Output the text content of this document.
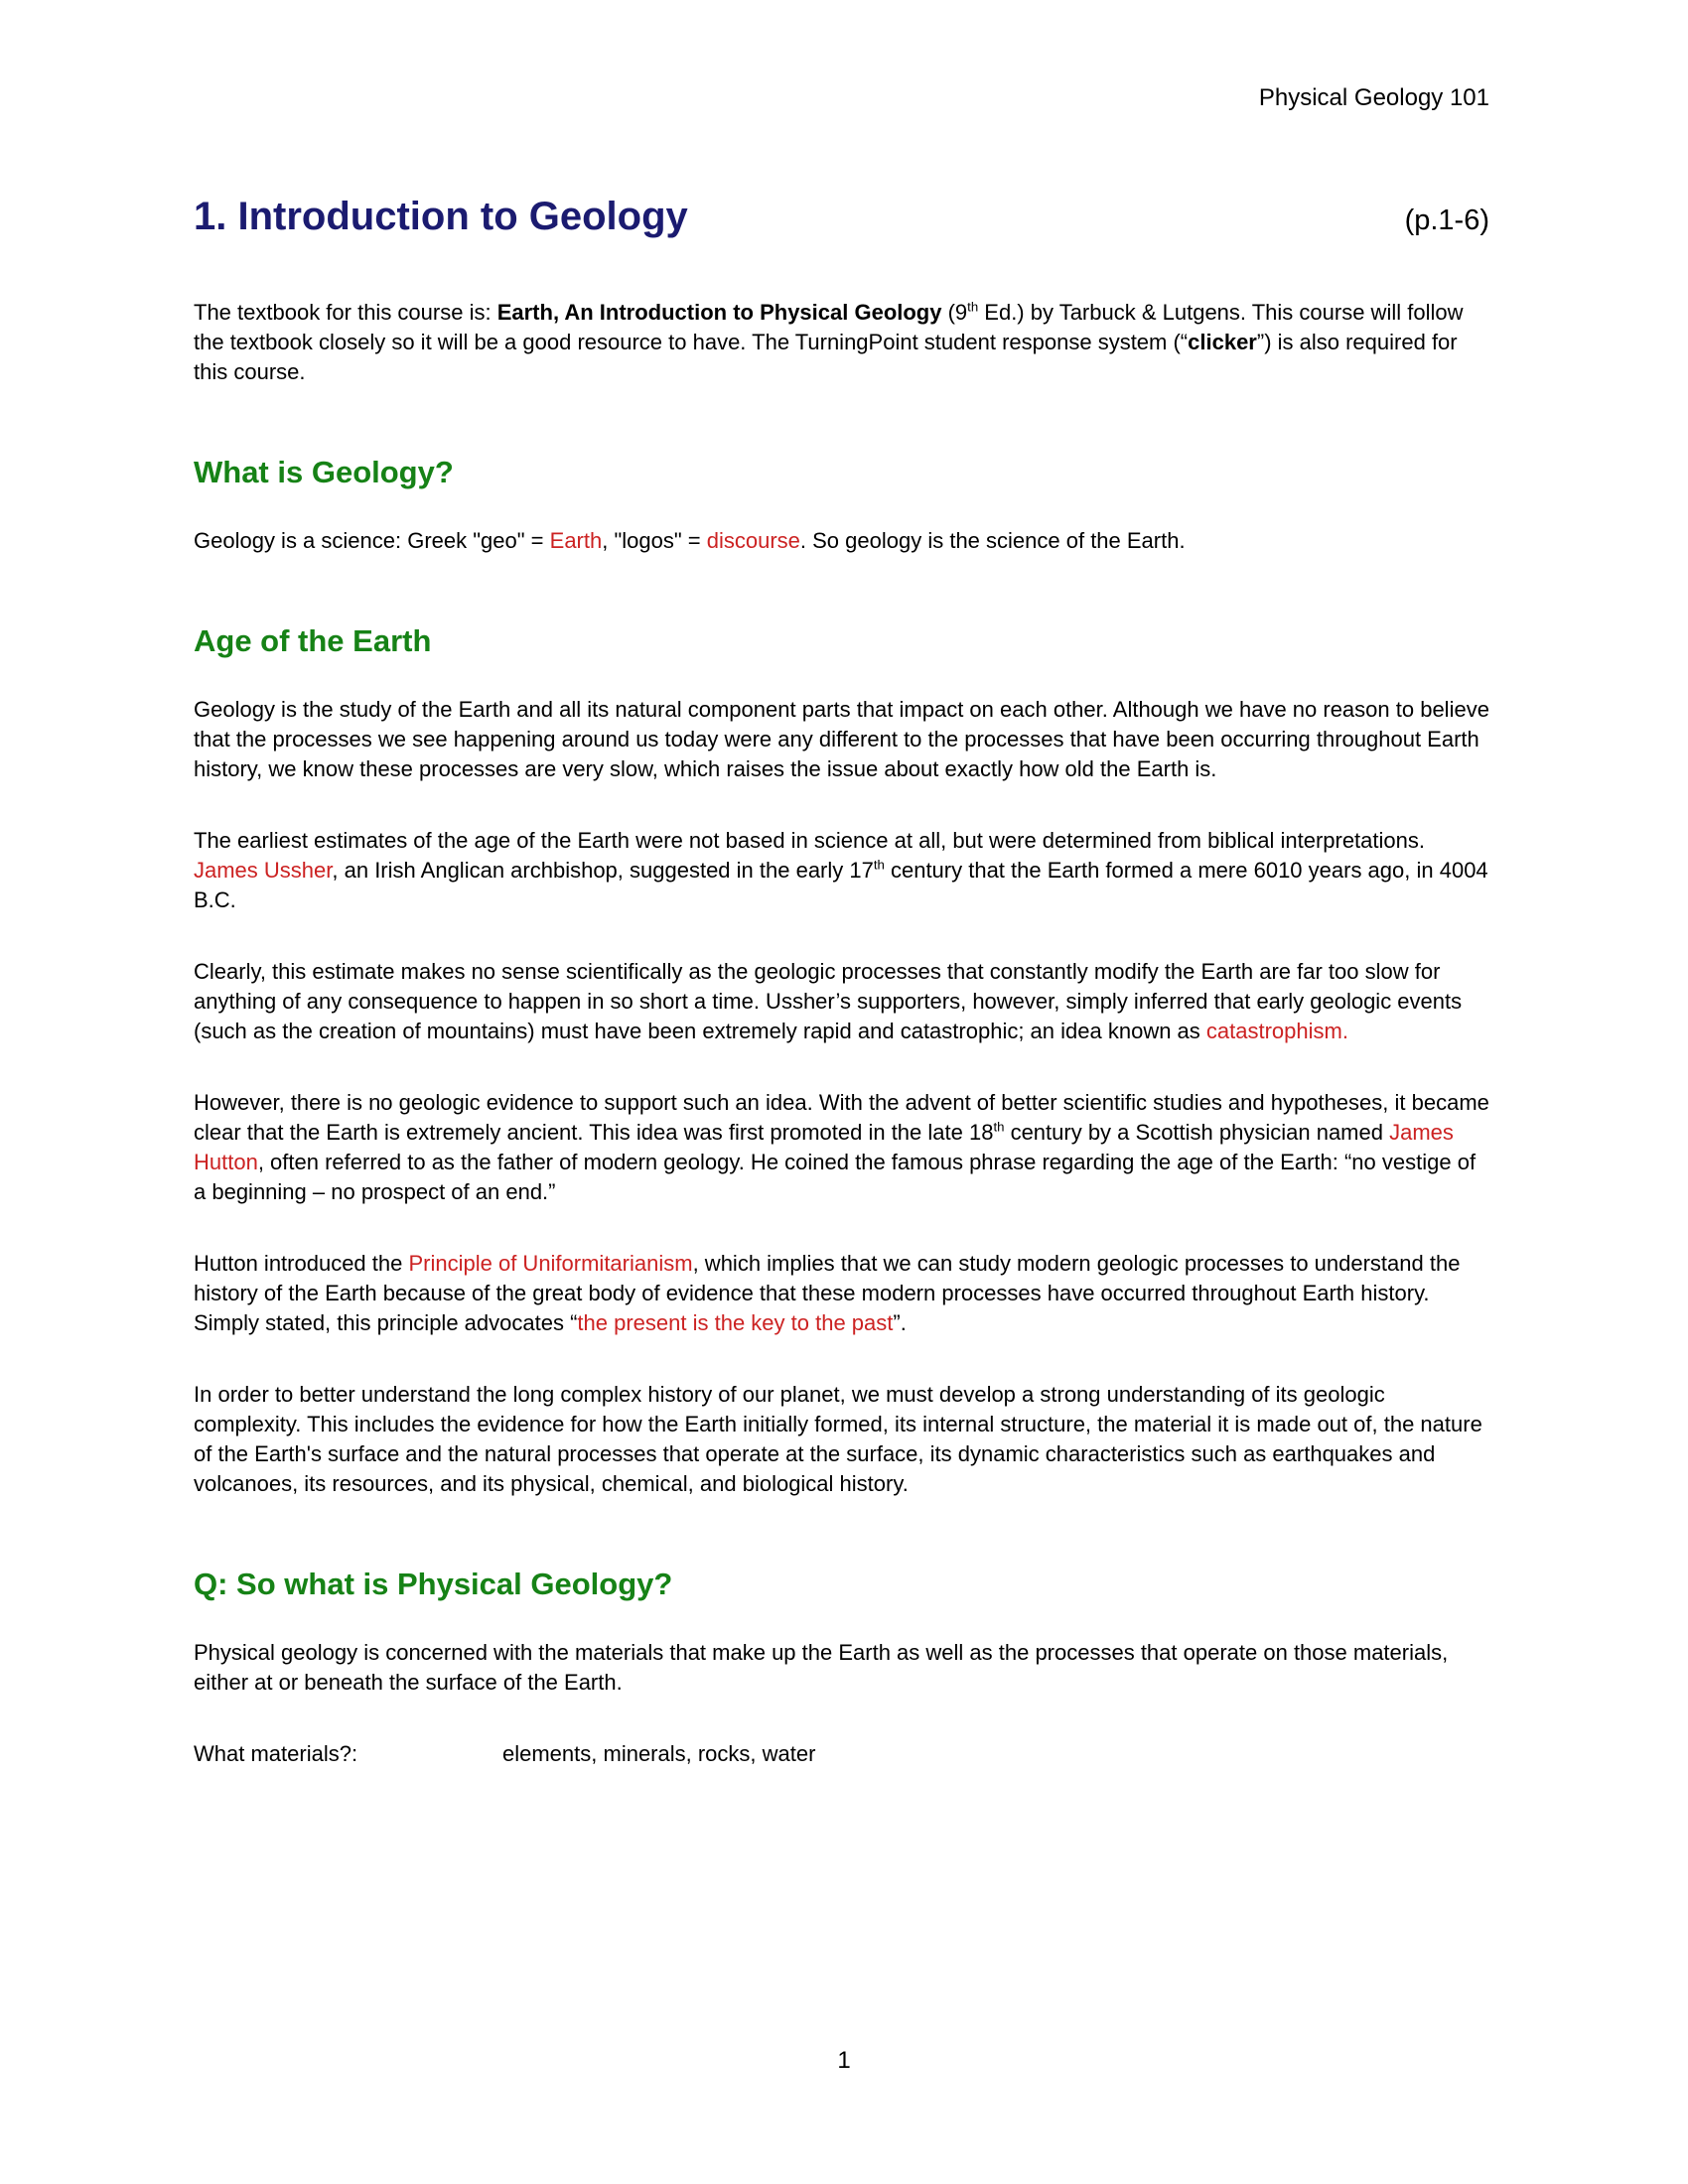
Physical Geology 101
1. Introduction to Geology	(p.1-6)

The textbook for this course is: Earth, An Introduction to Physical Geology (9th Ed.) by Tarbuck & Lutgens. This course will follow the textbook closely so it will be a good resource to have. The TurningPoint student response system (“clicker”) is also required for this course.

What is Geology?

Geology is a science: Greek "geo" = Earth, "logos" = discourse. So geology is the science of the Earth.

Age of the Earth

Geology is the study of the Earth and all its natural component parts that impact on each other. Although we have no reason to believe that the processes we see happening around us today were any different to the processes that have been occurring throughout Earth history, we know these processes are very slow, which raises the issue about exactly how old the Earth is.

The earliest estimates of the age of the Earth were not based in science at all, but were determined from biblical interpretations. James Ussher, an Irish Anglican archbishop, suggested in the early 17th century that the Earth formed a mere 6010 years ago, in 4004 B.C.

Clearly, this estimate makes no sense scientifically as the geologic processes that constantly modify the Earth are far too slow for anything of any consequence to happen in so short a time. Ussher’s supporters, however, simply inferred that early geologic events (such as the creation of mountains) must have been extremely rapid and catastrophic; an idea known as catastrophism.

However, there is no geologic evidence to support such an idea. With the advent of better scientific studies and hypotheses, it became clear that the Earth is extremely ancient. This idea was first promoted in the late 18th century by a Scottish physician named James Hutton, often referred to as the father of modern geology. He coined the famous phrase regarding the age of the Earth: “no vestige of a beginning – no prospect of an end.”

Hutton introduced the Principle of Uniformitarianism, which implies that we can study modern geologic processes to understand the history of the Earth because of the great body of evidence that these modern processes have occurred throughout Earth history. Simply stated, this principle advocates “the present is the key to the past”.

In order to better understand the long complex history of our planet, we must develop a strong understanding of its geologic complexity. This includes the evidence for how the Earth initially formed, its internal structure, the material it is made out of, the nature of the Earth's surface and the natural processes that operate at the surface, its dynamic characteristics such as earthquakes and volcanoes, its resources, and its physical, chemical, and biological history.

Q: So what is Physical Geology?

Physical geology is concerned with the materials that make up the Earth as well as the processes that operate on those materials, either at or beneath the surface of the Earth.

What materials?:	elements, minerals, rocks, water

1
